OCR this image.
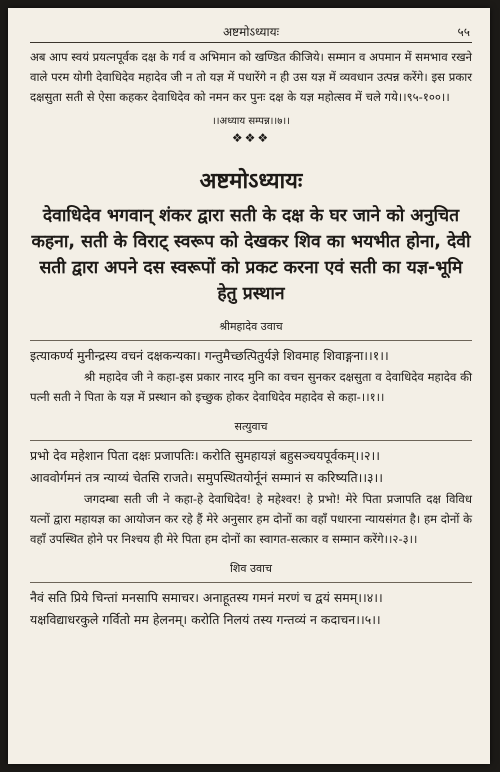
अष्टमोऽध्यायः	५५

अब आप स्वयं प्रयत्नपूर्वक दक्ष के गर्व व अभिमान को खण्डित कीजिये। सम्मान व अपमान में समभाव रखने वाले परम योगी देवाधिदेव महादेव जी न तो यज्ञ में पधारेंगे न ही उस यज्ञ में व्यवधान उत्पन्न करेंगे। इस प्रकार दक्षसुता सती से ऐसा कहकर देवाधिदेव को नमन कर पुनः दक्ष के यज्ञ महोत्सव में चले गये।।९५-१००।।

।।अध्याय सम्पन्न।।७।।

❖❖❖

अष्टमोऽध्यायः

देवाधिदेव भगवान् शंकर द्वारा सती के दक्ष के घर जाने को अनुचित कहना, सती के विराट् स्वरूप को देखकर शिव का भयभीत होना, देवी सती द्वारा अपने दस स्वरूपों को प्रकट करना एवं सती का यज्ञ-भूमि हेतु प्रस्थान

श्रीमहादेव उवाच

इत्याकर्ण्य मुनीन्द्रस्य वचनं दक्षकन्यका। गन्तुमैच्छत्पितुर्यज्ञे शिवमाह शिवाङ्गना।।१।।

श्री महादेव जी ने कहा-इस प्रकार नारद मुनि का वचन सुनकर दक्षसुता व देवाधिदेव महादेव की पत्नी सती ने पिता के यज्ञ में प्रस्थान को इच्छुक होकर देवाधिदेव महादेव से कहा-।।१।।

सत्युवाच

प्रभो देव महेशान पिता दक्षः प्रजापतिः। करोति सुमहायज्ञं बहुसञ्चयपूर्वकम्।।२।।

आववोर्गमनं तत्र न्याय्यं चेतसि राजते। समुपस्थितयोर्नूनं सम्मानं स करिष्यति।।३।।

जगदम्बा सती जी ने कहा-हे देवाधिदेव! हे महेश्वर! हे प्रभो! मेरे पिता प्रजापति दक्ष विविध यत्नों द्वारा महायज्ञ का आयोजन कर रहे हैं मेरे अनुसार हम दोनों का वहाँ पधारना न्यायसंगत है। हम दोनों के वहाँ उपस्थित होने पर निश्चय ही मेरे पिता हम दोनों का स्वागत-सत्कार व सम्मान करेंगे।।२-३।।

शिव उवाच

नैवं सति प्रिये चिन्तां मनसापि समाचर। अनाहूतस्य गमनं मरणं च द्वयं समम्।।४।।

यक्षविद्याधरकुले गर्वितो मम हेलनम्। करोति निलयं तस्य गन्तव्यं न कदाचन।।५।।
